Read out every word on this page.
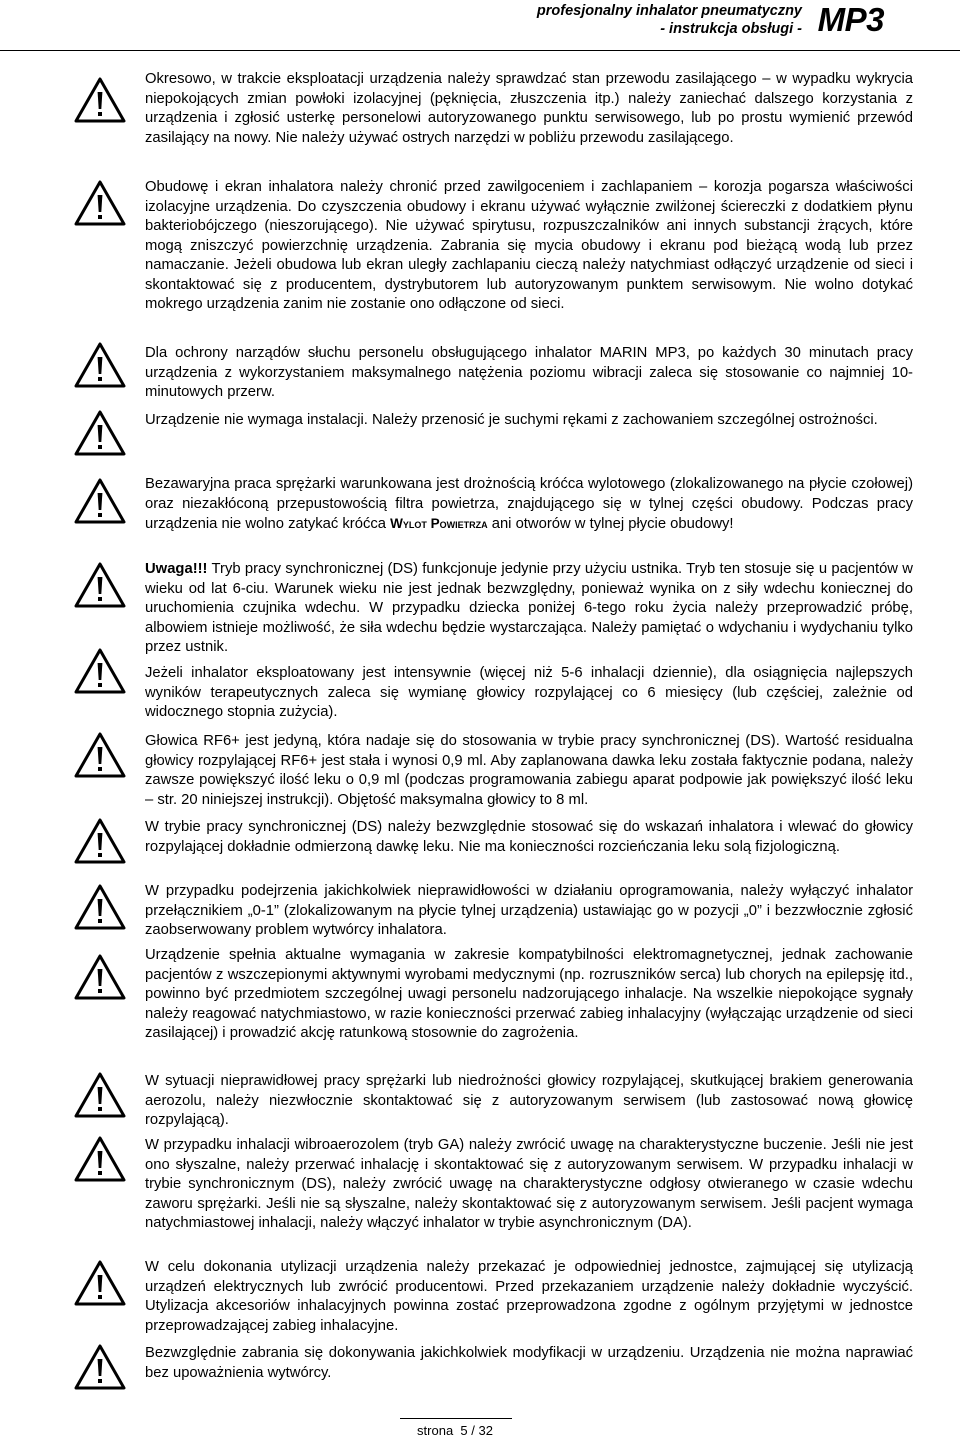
profesjonalny inhalator pneumatyczny
- instrukcja obsługi - MP3

Okresowo, w trakcie eksploatacji urządzenia należy sprawdzać stan przewodu zasilającego – w wypadku wykrycia niepokojących zmian powłoki izolacyjnej (pęknięcia, złuszczenia itp.) należy zaniechać dalszego korzystania z urządzenia i zgłosić usterkę personelowi autoryzowanego punktu serwisowego, lub po prostu wymienić przewód zasilający na nowy. Nie należy używać ostrych narzędzi w pobliżu przewodu zasilającego.

Obudowę i ekran inhalatora należy chronić przed zawilgoceniem i zachlapaniem – korozja pogarsza właściwości izolacyjne urządzenia. Do czyszczenia obudowy i ekranu używać wyłącznie zwilżonej ściereczki z dodatkiem płynu bakteriobójczego (nieszorującego). Nie używać spirytusu, rozpuszczalników ani innych substancji żrących, które mogą zniszczyć powierzchnię urządzenia. Zabrania się mycia obudowy i ekranu pod bieżącą wodą lub przez namaczanie. Jeżeli obudowa lub ekran uległy zachlapaniu cieczą należy natychmiast odłączyć urządzenie od sieci i skontaktować się z producentem, dystrybutorem lub autoryzowanym punktem serwisowym. Nie wolno dotykać mokrego urządzenia zanim nie zostanie ono odłączone od sieci.

Dla ochrony narządów słuchu personelu obsługującego inhalator MARIN MP3, po każdych 30 minutach pracy urządzenia z wykorzystaniem maksymalnego natężenia poziomu wibracji zaleca się stosowanie co najmniej 10-minutowych przerw.

Urządzenie nie wymaga instalacji. Należy przenosić je suchymi rękami z zachowaniem szczególnej ostrożności.

Bezawaryjna praca sprężarki warunkowana jest drożnością króćca wylotowego (zlokalizowanego na płycie czołowej) oraz niezakłóconą przepustowością filtra powietrza, znajdującego się w tylnej części obudowy. Podczas pracy urządzenia nie wolno zatykać króćca Wylot Powietrza ani otworów w tylnej płycie obudowy!

Uwaga!!! Tryb pracy synchronicznej (DS) funkcjonuje jedynie przy użyciu ustnika. Tryb ten stosuje się u pacjentów w wieku od lat 6-ciu. Warunek wieku nie jest jednak bezwzględny, ponieważ wynika on z siły wdechu koniecznej do uruchomienia czujnika wdechu. W przypadku dziecka poniżej 6-tego roku życia należy przeprowadzić próbę, albowiem istnieje możliwość, że siła wdechu będzie wystarczająca. Należy pamiętać o wdychaniu i wydychaniu tylko przez ustnik.

Jeżeli inhalator eksploatowany jest intensywnie (więcej niż 5-6 inhalacji dziennie), dla osiągnięcia najlepszych wyników terapeutycznych zaleca się wymianę głowicy rozpylającej co 6 miesięcy (lub częściej, zależnie od widocznego stopnia zużycia).

Głowica RF6+ jest jedyną, która nadaje się do stosowania w trybie pracy synchronicznej (DS). Wartość residualna głowicy rozpylającej RF6+ jest stała i wynosi 0,9 ml. Aby zaplanowana dawka leku została faktycznie podana, należy zawsze powiększyć ilość leku o 0,9 ml (podczas programowania zabiegu aparat podpowie jak powiększyć ilość leku – str. 20 niniejszej instrukcji). Objętość maksymalna głowicy to 8 ml.

W trybie pracy synchronicznej (DS) należy bezwzględnie stosować się do wskazań inhalatora i wlewać do głowicy rozpylającej dokładnie odmierzoną dawkę leku. Nie ma konieczności rozcieńczania leku solą fizjologiczną.

W przypadku podejrzenia jakichkolwiek nieprawidłowości w działaniu oprogramowania, należy wyłączyć inhalator przełącznikiem „0-1” (zlokalizowanym na płycie tylnej urządzenia) ustawiając go w pozycji „0” i bezzwłocznie zgłosić zaobserwowany problem wytwórcy inhalatora.

Urządzenie spełnia aktualne wymagania w zakresie kompatybilności elektromagnetycznej, jednak zachowanie pacjentów z wszczepionymi aktywnymi wyrobami medycznymi (np. rozruszników serca) lub chorych na epilepsję itd., powinno być przedmiotem szczególnej uwagi personelu nadzorującego inhalacje. Na wszelkie niepokojące sygnały należy reagować natychmiastowo, w razie konieczności przerwać zabieg inhalacyjny (wyłączając urządzenie od sieci zasilającej) i prowadzić akcję ratunkową stosownie do zagrożenia.

W sytuacji nieprawidłowej pracy sprężarki lub niedrożności głowicy rozpylającej, skutkującej brakiem generowania aerozolu, należy niezwłocznie skontaktować się z autoryzowanym serwisem (lub zastosować nową głowicę rozpylającą).

W przypadku inhalacji wibroaerozolem (tryb GA) należy zwrócić uwagę na charakterystyczne buczenie. Jeśli nie jest ono słyszalne, należy przerwać inhalację i skontaktować się z autoryzowanym serwisem. W przypadku inhalacji w trybie synchronicznym (DS), należy zwrócić uwagę na charakterystyczne odgłosy otwieranego w czasie wdechu zaworu sprężarki. Jeśli nie są słyszalne, należy skontaktować się z autoryzowanym serwisem. Jeśli pacjent wymaga natychmiastowej inhalacji, należy włączyć inhalator w trybie asynchronicznym (DA).

W celu dokonania utylizacji urządzenia należy przekazać je odpowiedniej jednostce, zajmującej się utylizacją urządzeń elektrycznych lub zwrócić producentowi. Przed przekazaniem urządzenie należy dokładnie wyczyścić. Utylizacja akcesoriów inhalacyjnych powinna zostać przeprowadzona zgodne z ogólnym przyjętymi w jednostce przeprowadzającej zabieg inhalacyjne.

Bezwzględnie zabrania się dokonywania jakichkolwiek modyfikacji w urządzeniu. Urządzenia nie można naprawiać bez upoważnienia wytwórcy.

strona  5 / 32
